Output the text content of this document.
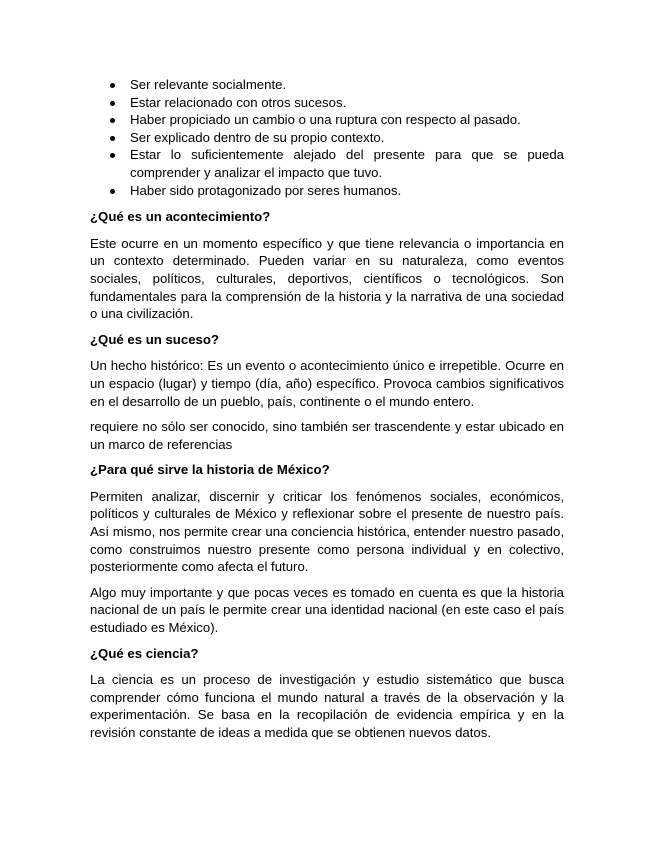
Ser relevante socialmente.
Estar relacionado con otros sucesos.
Haber propiciado un cambio o una ruptura con respecto al pasado.
Ser explicado dentro de su propio contexto.
Estar lo suficientemente alejado del presente para que se pueda comprender y analizar el impacto que tuvo.
Haber sido protagonizado por seres humanos.
¿Qué es un acontecimiento?

Este ocurre en un momento específico y que tiene relevancia o importancia en un contexto determinado. Pueden variar en su naturaleza, como eventos sociales, políticos, culturales, deportivos, científicos o tecnológicos. Son fundamentales para la comprensión de la historia y la narrativa de una sociedad o una civilización.

¿Qué es un suceso?

Un hecho histórico: Es un evento o acontecimiento único e irrepetible. Ocurre en un espacio (lugar) y tiempo (día, año) específico. Provoca cambios significativos en el desarrollo de un pueblo, país, continente o el mundo entero.

requiere no sólo ser conocido, sino también ser trascendente y estar ubicado en un marco de referencias

¿Para qué sirve la historia de México?

Permiten analizar, discernir y criticar los fenómenos sociales, económicos, políticos y culturales de México y reflexionar sobre el presente de nuestro país. Así mismo, nos permite crear una conciencia histórica, entender nuestro pasado, como construimos nuestro presente como persona individual y en colectivo, posteriormente como afecta el futuro.

Algo muy importante y que pocas veces es tomado en cuenta es que la historia nacional de un país le permite crear una identidad nacional (en este caso el país estudiado es México).

¿Qué es ciencia?

La ciencia es un proceso de investigación y estudio sistemático que busca comprender cómo funciona el mundo natural a través de la observación y la experimentación. Se basa en la recopilación de evidencia empírica y en la revisión constante de ideas a medida que se obtienen nuevos datos.
